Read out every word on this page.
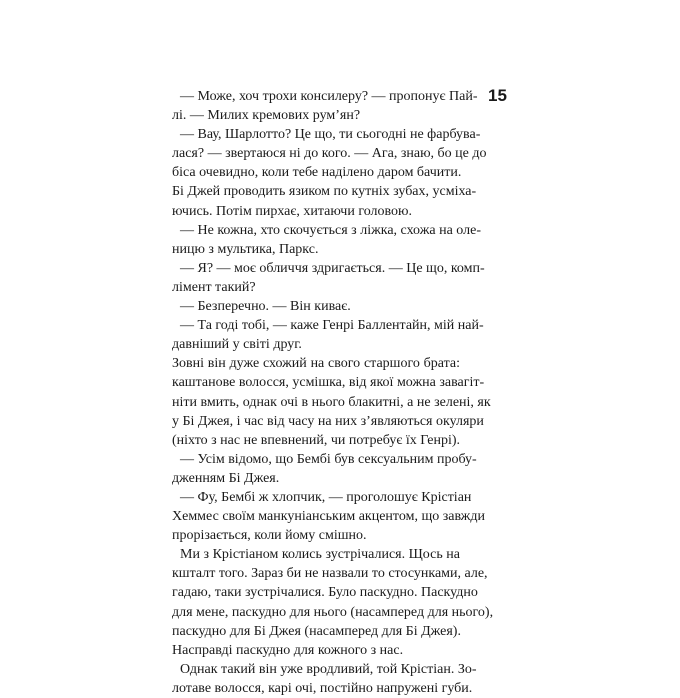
15
— Може, хоч трохи консилеру? — пропонує Пай-
лі. — Милих кремових рум’ян?
— Вау, Шарлотто? Це що, ти сьогодні не фарбува-
лася? — звертаюся ні до кого. — Ага, знаю, бо це до
біса очевидно, коли тебе наділено даром бачити.
Бі Джей проводить язиком по кутніх зубах, усміха-
ючись. Потім пирхає, хитаючи головою.
— Не кожна, хто скочується з ліжка, схожа на оле-
ницю з мультика, Паркс.
— Я? — моє обличчя здригається. — Це що, комп-
лімент такий?
— Безперечно. — Він киває.
— Та годі тобі, — каже Генрі Баллентайн, мій най-
давніший у світі друг.
Зовні він дуже схожий на свого старшого брата:
каштанове волосся, усмішка, від якої можна завагіт-
ніти вмить, однак очі в нього блакитні, а не зелені, як
у Бі Джея, і час від часу на них з’являються окуляри
(ніхто з нас не впевнений, чи потребує їх Генрі).
— Усім відомо, що Бембі був сексуальним пробу-
дженням Бі Джея.
— Фу, Бембі ж хлопчик, — проголошує Крістіан
Хеммес своїм манкуніанським акцентом, що завжди
прорізається, коли йому смішно.
Ми з Крістіаном колись зустрічалися. Щось на
кшталт того. Зараз би не назвали то стосунками, але,
гадаю, таки зустрічалися. Було паскудно. Паскудно
для мене, паскудно для нього (насамперед для нього),
паскудно для Бі Джея (насамперед для Бі Джея).
Насправді паскудно для кожного з нас.
Однак такий він уже вродливий, той Крістіан. Зо-
лотаве волосся, карі очі, постійно напружені губи.
